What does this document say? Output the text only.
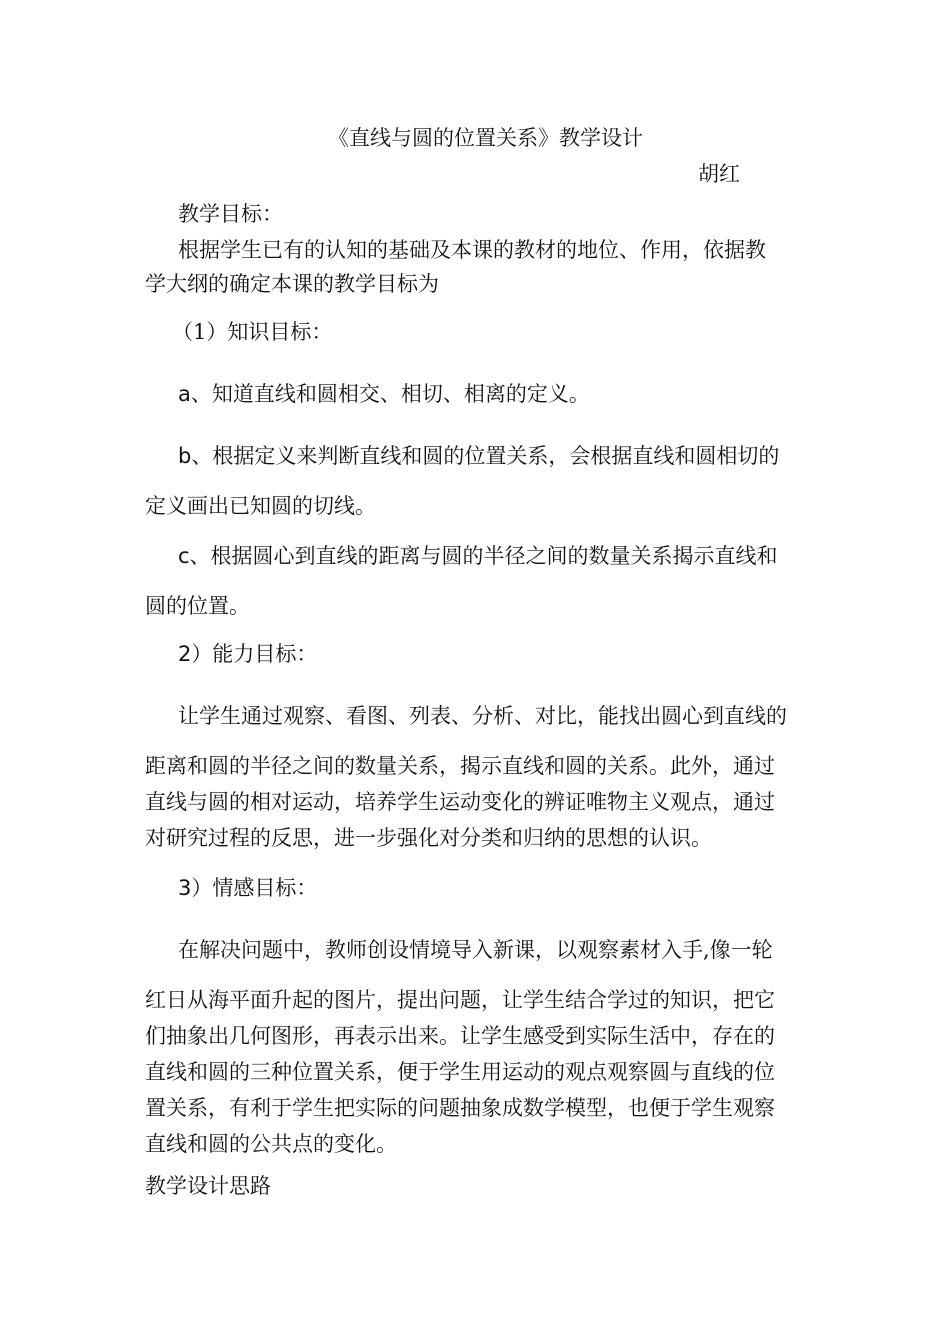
《直线与圆的位置关系》教学设计
胡红
教学目标：
根据学生已有的认知的基础及本课的教材的地位、作用，依据教
学大纲的确定本课的教学目标为
（1）知识目标：
a、知道直线和圆相交、相切、相离的定义。
b、根据定义来判断直线和圆的位置关系，会根据直线和圆相切的
定义画出已知圆的切线。
c、根据圆心到直线的距离与圆的半径之间的数量关系揭示直线和
圆的位置。
2）能力目标：
让学生通过观察、看图、列表、分析、对比，能找出圆心到直线的
距离和圆的半径之间的数量关系，揭示直线和圆的关系。此外，通过
直线与圆的相对运动，培养学生运动变化的辨证唯物主义观点，通过
对研究过程的反思，进一步强化对分类和归纳的思想的认识。
3）情感目标：
在解决问题中，教师创设情境导入新课，以观察素材入手,像一轮
红日从海平面升起的图片，提出问题，让学生结合学过的知识，把它
们抽象出几何图形，再表示出来。让学生感受到实际生活中，存在的
直线和圆的三种位置关系，便于学生用运动的观点观察圆与直线的位
置关系，有利于学生把实际的问题抽象成数学模型，也便于学生观察
直线和圆的公共点的变化。
教学设计思路
